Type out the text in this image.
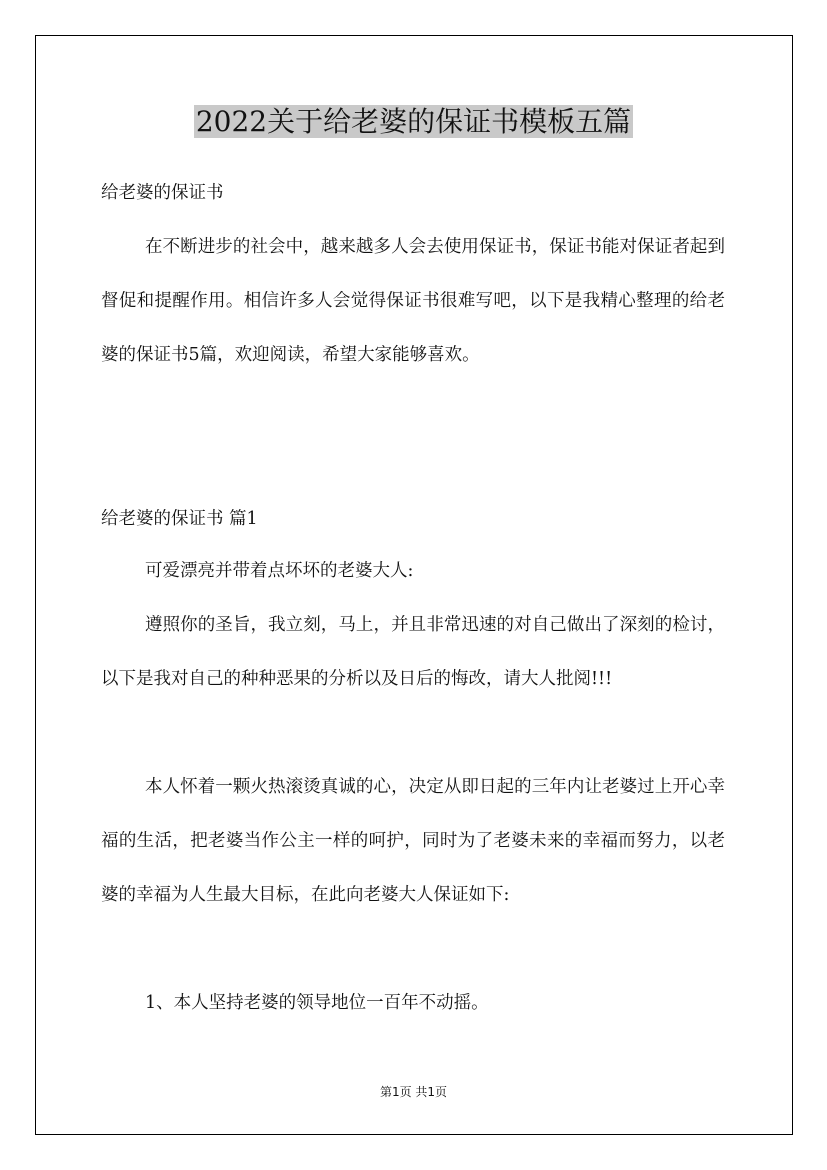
2022关于给老婆的保证书模板五篇
给老婆的保证书

在不断进步的社会中，越来越多人会去使用保证书，保证书能对保证者起到督促和提醒作用。相信许多人会觉得保证书很难写吧，以下是我精心整理的给老婆的保证书5篇，欢迎阅读，希望大家能够喜欢。

给老婆的保证书 篇1

可爱漂亮并带着点坏坏的老婆大人:

遵照你的圣旨，我立刻，马上，并且非常迅速的对自己做出了深刻的检讨，以下是我对自己的种种恶果的分析以及日后的悔改，请大人批阅!!!

本人怀着一颗火热滚烫真诚的心，决定从即日起的三年内让老婆过上开心幸福的生活，把老婆当作公主一样的呵护，同时为了老婆未来的幸福而努力，以老婆的幸福为人生最大目标，在此向老婆大人保证如下:

1、本人坚持老婆的领导地位一百年不动摇。

第1页 共1页
